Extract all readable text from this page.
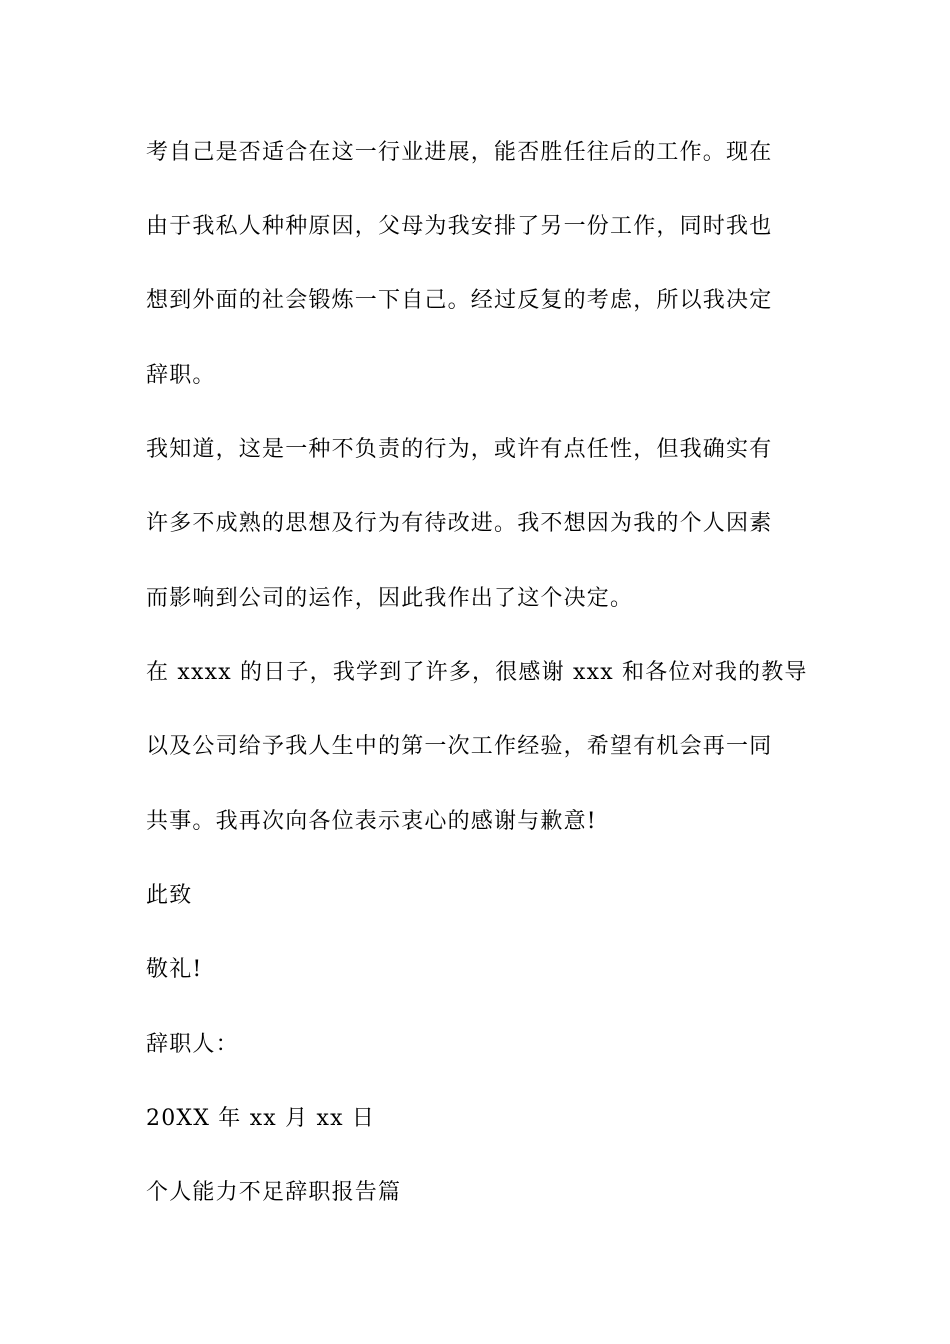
考自己是否适合在这一行业进展，能否胜任往后的工作。现在
由于我私人种种原因，父母为我安排了另一份工作，同时我也
想到外面的社会锻炼一下自己。经过反复的考虑，所以我决定
辞职。
我知道，这是一种不负责的行为，或许有点任性，但我确实有
许多不成熟的思想及行为有待改进。我不想因为我的个人因素
而影响到公司的运作，因此我作出了这个决定。
在 xxxx 的日子，我学到了许多，很感谢 xxx 和各位对我的教导
以及公司给予我人生中的第一次工作经验，希望有机会再一同
共事。我再次向各位表示衷心的感谢与歉意!
此致
敬礼!
辞职人：
20XX 年 xx 月 xx 日
个人能力不足辞职报告篇
